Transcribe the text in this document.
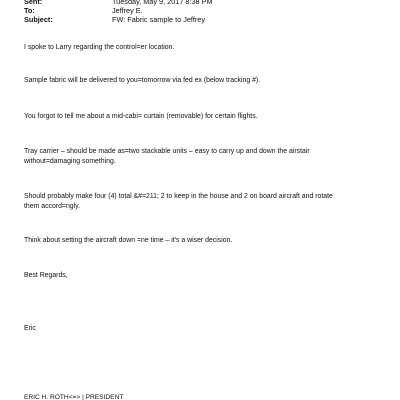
Sent:	Tuesday, May 9, 2017 8:38 PM
To:	Jeffrey E.
Subject:	FW: Fabric sample to Jeffrey
I spoke to Larry regarding the control=er location.
Sample fabric will be delivered to you=tomorrow via fed ex (below tracking #).
You forgot to tell me about a mid-cabi= curtain (removable) for certain flights.
Tray carrier – should be made as=two stackable units – easy to carry up and down the airstair without=damaging something.
Should probably make four (4) total &#=211; 2 to keep in the house and 2 on board aircraft and rotate them accord=ngly.
Think about setting the aircraft down =ne time – it's a wiser decision.
Best Regards,
Eric
ERIC H. ROTH<=> | PRESIDENT
